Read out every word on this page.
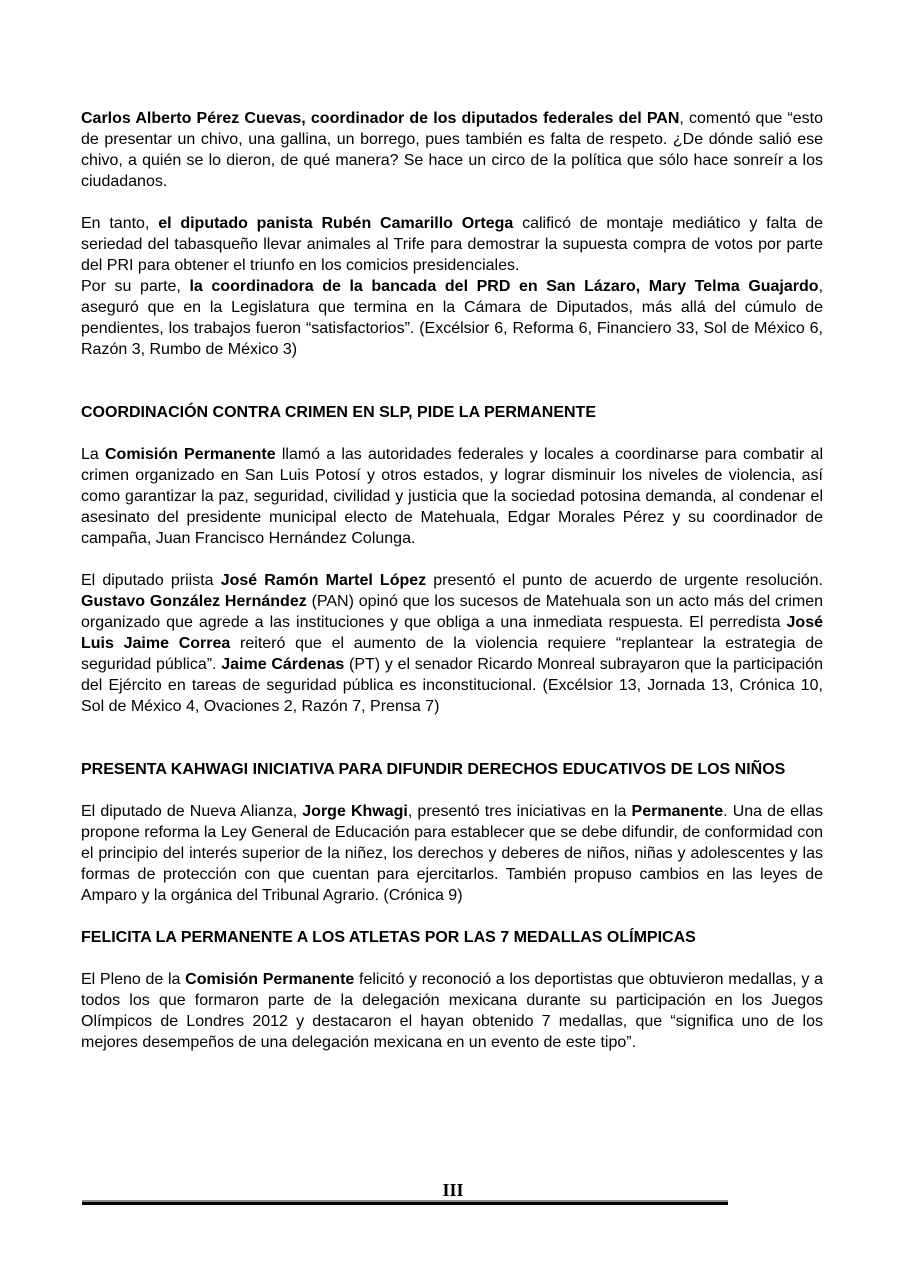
Carlos Alberto Pérez Cuevas, coordinador de los diputados federales del PAN, comentó que “esto de presentar un chivo, una gallina, un borrego, pues también es falta de respeto. ¿De dónde salió ese chivo, a quién se lo dieron, de qué manera? Se hace un circo de la política que sólo hace sonreír a los ciudadanos.

En tanto, el diputado panista Rubén Camarillo Ortega calificó de montaje mediático y falta de seriedad del tabasqueño llevar animales al Trife para demostrar la supuesta compra de votos por parte del PRI para obtener el triunfo en los comicios presidenciales.

Por su parte, la coordinadora de la bancada del PRD en San Lázaro, Mary Telma Guajardo, aseguró que en la Legislatura que termina en la Cámara de Diputados, más allá del cúmulo de pendientes, los trabajos fueron “satisfactorios”. (Excélsior 6, Reforma 6, Financiero 33, Sol de México 6, Razón 3, Rumbo de México 3)

COORDINACIÓN CONTRA CRIMEN EN SLP, PIDE LA PERMANENTE

La Comisión Permanente llamó a las autoridades federales y locales a coordinarse para combatir al crimen organizado en San Luis Potosí y otros estados, y lograr disminuir los niveles de violencia, así como garantizar la paz, seguridad, civilidad y justicia que la sociedad potosina demanda, al condenar el asesinato del presidente municipal electo de Matehuala, Edgar Morales Pérez y su coordinador de campaña, Juan Francisco Hernández Colunga.

El diputado priista José Ramón Martel López presentó el punto de acuerdo de urgente resolución. Gustavo González Hernández (PAN) opinó que los sucesos de Matehuala son un acto más del crimen organizado que agrede a las instituciones y que obliga a una inmediata respuesta. El perredista José Luis Jaime Correa reiteró que el aumento de la violencia requiere “replantear la estrategia de seguridad pública”. Jaime Cárdenas (PT) y el senador Ricardo Monreal subrayaron que la participación del Ejército en tareas de seguridad pública es inconstitucional. (Excélsior 13, Jornada 13, Crónica 10, Sol de México 4, Ovaciones 2, Razón 7, Prensa 7)

PRESENTA KAHWAGI INICIATIVA PARA DIFUNDIR DERECHOS EDUCATIVOS DE LOS NIÑOS

El diputado de Nueva Alianza, Jorge Khwagi, presentó tres iniciativas en la Permanente. Una de ellas propone reforma la Ley General de Educación para establecer que se debe difundir, de conformidad con el principio del interés superior de la niñez, los derechos y deberes de niños, niñas y adolescentes y las formas de protección con que cuentan para ejercitarlos. También propuso cambios en las leyes de Amparo y la orgánica del Tribunal Agrario. (Crónica 9)

FELICITA LA PERMANENTE A LOS ATLETAS POR LAS 7 MEDALLAS OLÍMPICAS

El Pleno de la Comisión Permanente felicitó y reconoció a los deportistas que obtuvieron medallas, y a todos los que formaron parte de la delegación mexicana durante su participación en los Juegos Olímpicos de Londres 2012 y destacaron el hayan obtenido 7 medallas, que “significa uno de los mejores desempeños de una delegación mexicana en un evento de este tipo”.

III
